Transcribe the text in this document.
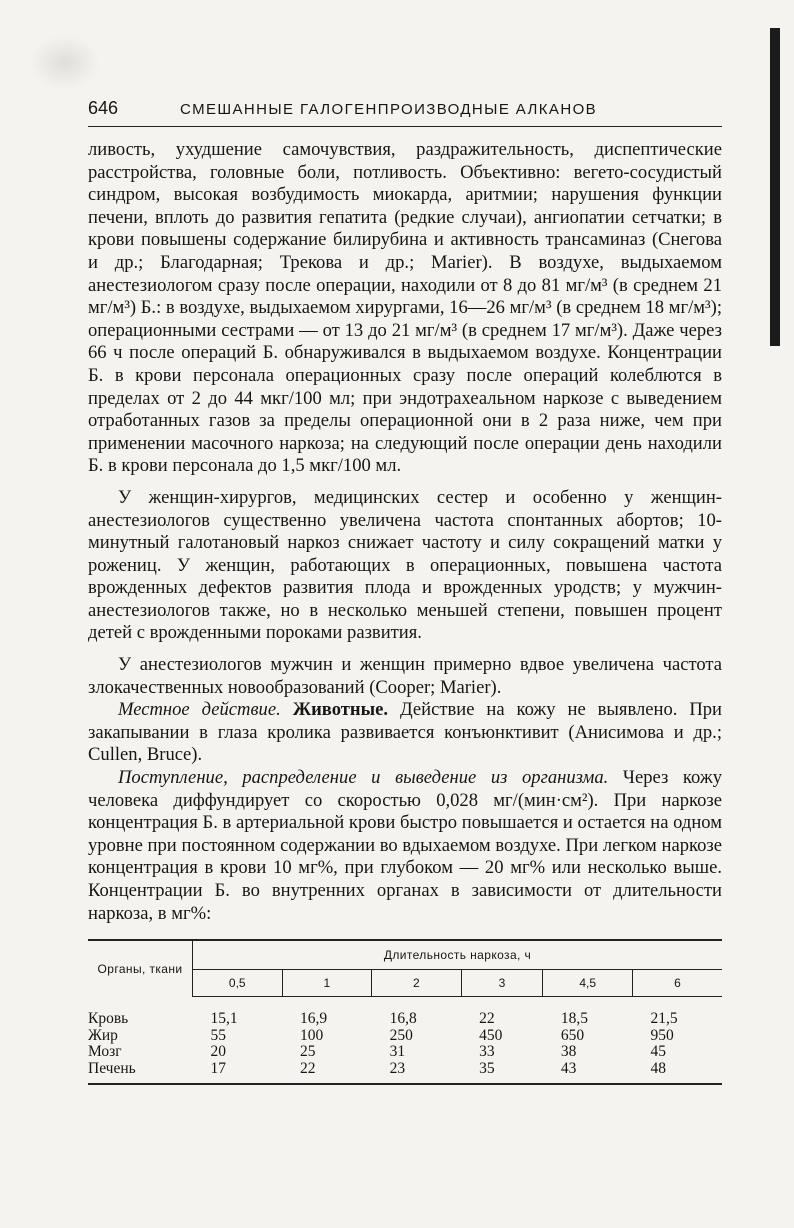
646	СМЕШАННЫЕ ГАЛОГЕНПРОИЗВОДНЫЕ АЛКАНОВ

ливость, ухудшение самочувствия, раздражительность, диспептические расстройства, головные боли, потливость. Объективно: вегето-сосудистый синдром, высокая возбудимость миокарда, аритмии; нарушения функции печени, вплоть до развития гепатита (редкие случаи), ангиопатии сетчатки; в крови повышены содержание билирубина и активность трансаминаз (Снегова и др.; Благодарная; Трекова и др.; Marier). В воздухе, выдыхаемом анестезиологом сразу после операции, находили от 8 до 81 мг/м³ (в среднем 21 мг/м³) Б.: в воздухе, выдыхаемом хирургами, 16—26 мг/м³ (в среднем 18 мг/м³); операционными сестрами — от 13 до 21 мг/м³ (в среднем 17 мг/м³). Даже через 66 ч после операций Б. обнаруживался в выдыхаемом воздухе. Концентрации Б. в крови персонала операционных сразу после операций колеблются в пределах от 2 до 44 мкг/100 мл; при эндотрахеальном наркозе с выведением отработанных газов за пределы операционной они в 2 раза ниже, чем при применении масочного наркоза; на следующий после операции день находили Б. в крови персонала до 1,5 мкг/100 мл.

У женщин-хирургов, медицинских сестер и особенно у женщин-анестезиологов существенно увеличена частота спонтанных абортов; 10-минутный галотановый наркоз снижает частоту и силу сокращений матки у рожениц. У женщин, работающих в операционных, повышена частота врожденных дефектов развития плода и врожденных уродств; у мужчин-анестезиологов также, но в несколько меньшей степени, повышен процент детей с врожденными пороками развития.

У анестезиологов мужчин и женщин примерно вдвое увеличена частота злокачественных новообразований (Cooper; Marier).

Местное действие. Животные. Действие на кожу не выявлено. При закапывании в глаза кролика развивается конъюнктивит (Анисимова и др.; Cullen, Bruce).

Поступление, распределение и выведение из организма. Через кожу человека диффундирует со скоростью 0,028 мг/(мин·см²). При наркозе концентрация Б. в артериальной крови быстро повышается и остается на одном уровне при постоянном содержании во вдыхаемом воздухе. При легком наркозе концентрация в крови 10 мг%, при глубоком — 20 мг% или несколько выше. Концентрации Б. во внутренних органах в зависимости от длительности наркоза, в мг%:

Органы, ткани	Длительность наркоза, ч					
	0,5	1	2	3	4,5	6
Кровь	15,1	16,9	16,8	22	18,5	21,5
Жир	55	100	250	450	650	950
Мозг	20	25	31	33	38	45
Печень	17	22	23	35	43	48
